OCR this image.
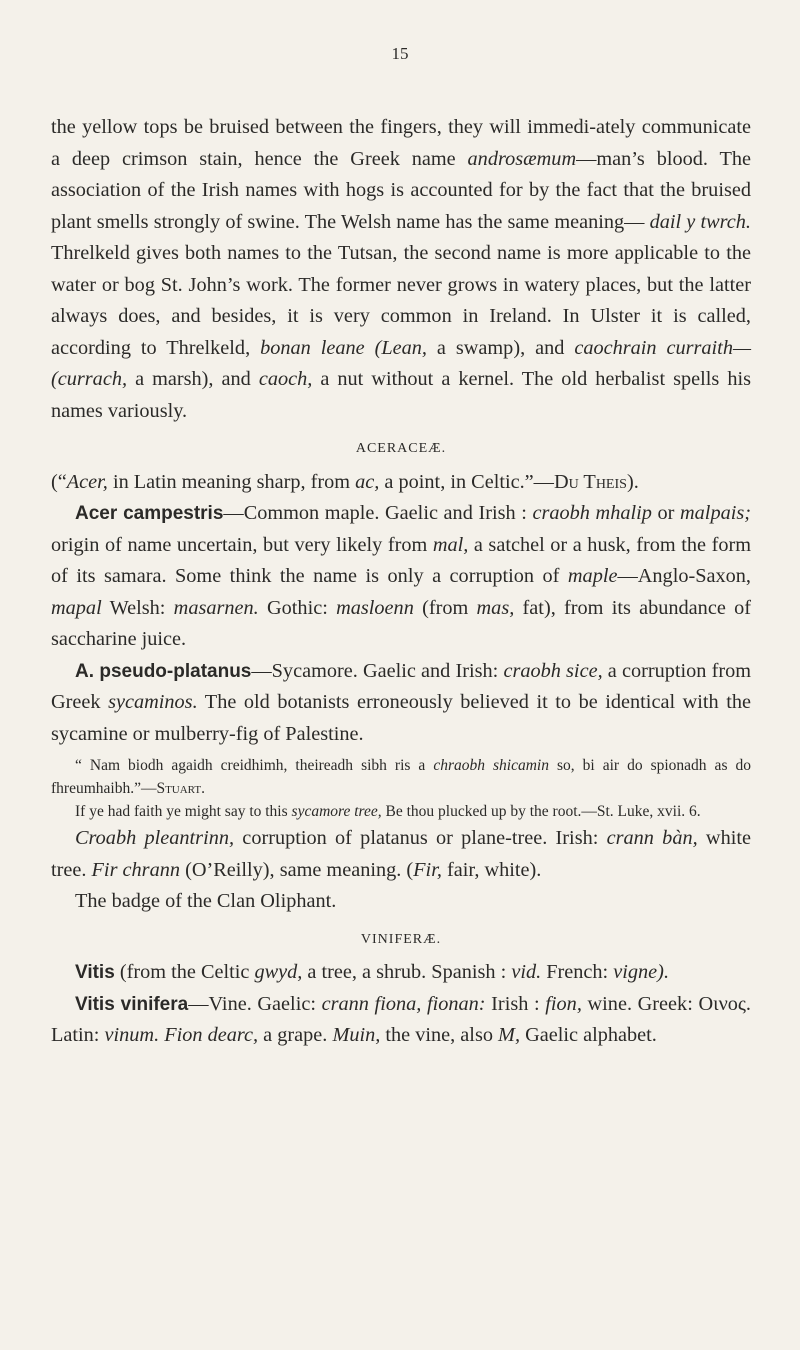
15

the yellow tops be bruised between the fingers, they will immedi-ately communicate a deep crimson stain, hence the Greek name androsæmum—man’s blood. The association of the Irish names with hogs is accounted for by the fact that the bruised plant smells strongly of swine. The Welsh name has the same meaning— dail y twrch. Threlkeld gives both names to the Tutsan, the second name is more applicable to the water or bog St. John’s work. The former never grows in watery places, but the latter always does, and besides, it is very common in Ireland. In Ulster it is called, according to Threlkeld, bonan leane (Lean, a swamp), and caochrain curraith—(currach, a marsh), and caoch, a nut without a kernel. The old herbalist spells his names variously.

ACERACEÆ.

(“Acer, in Latin meaning sharp, from ac, a point, in Celtic.”—Du Theis).

Acer campestris—Common maple. Gaelic and Irish : craobh mhalip or malpais; origin of name uncertain, but very likely from mal, a satchel or a husk, from the form of its samara. Some think the name is only a corruption of maple—Anglo-Saxon, mapal Welsh: masarnen. Gothic: masloenn (from mas, fat), from its abundance of saccharine juice.

A. pseudo-platanus—Sycamore. Gaelic and Irish: craobh sice, a corruption from Greek sycaminos. The old botanists erroneously believed it to be identical with the sycamine or mulberry-fig of Palestine.

“ Nam biodh agaidh creidhimh, theireadh sibh ris a chraobh shicamin so, bi air do spionadh as do fhreumhaibh.”—Stuart.

If ye had faith ye might say to this sycamore tree, Be thou plucked up by the root.—St. Luke, xvii. 6.

Croabh pleantrinn, corruption of platanus or plane-tree. Irish: crann bàn, white tree. Fir chrann (O’Reilly), same meaning. (Fir, fair, white).

The badge of the Clan Oliphant.

VINIFERÆ.

Vitis (from the Celtic gwyd, a tree, a shrub. Spanish : vid. French: vigne).

Vitis vinifera—Vine. Gaelic: crann fiona, fionan: Irish : fion, wine. Greek: Οινος. Latin: vinum. Fion dearc, a grape. Muin, the vine, also M, Gaelic alphabet.
